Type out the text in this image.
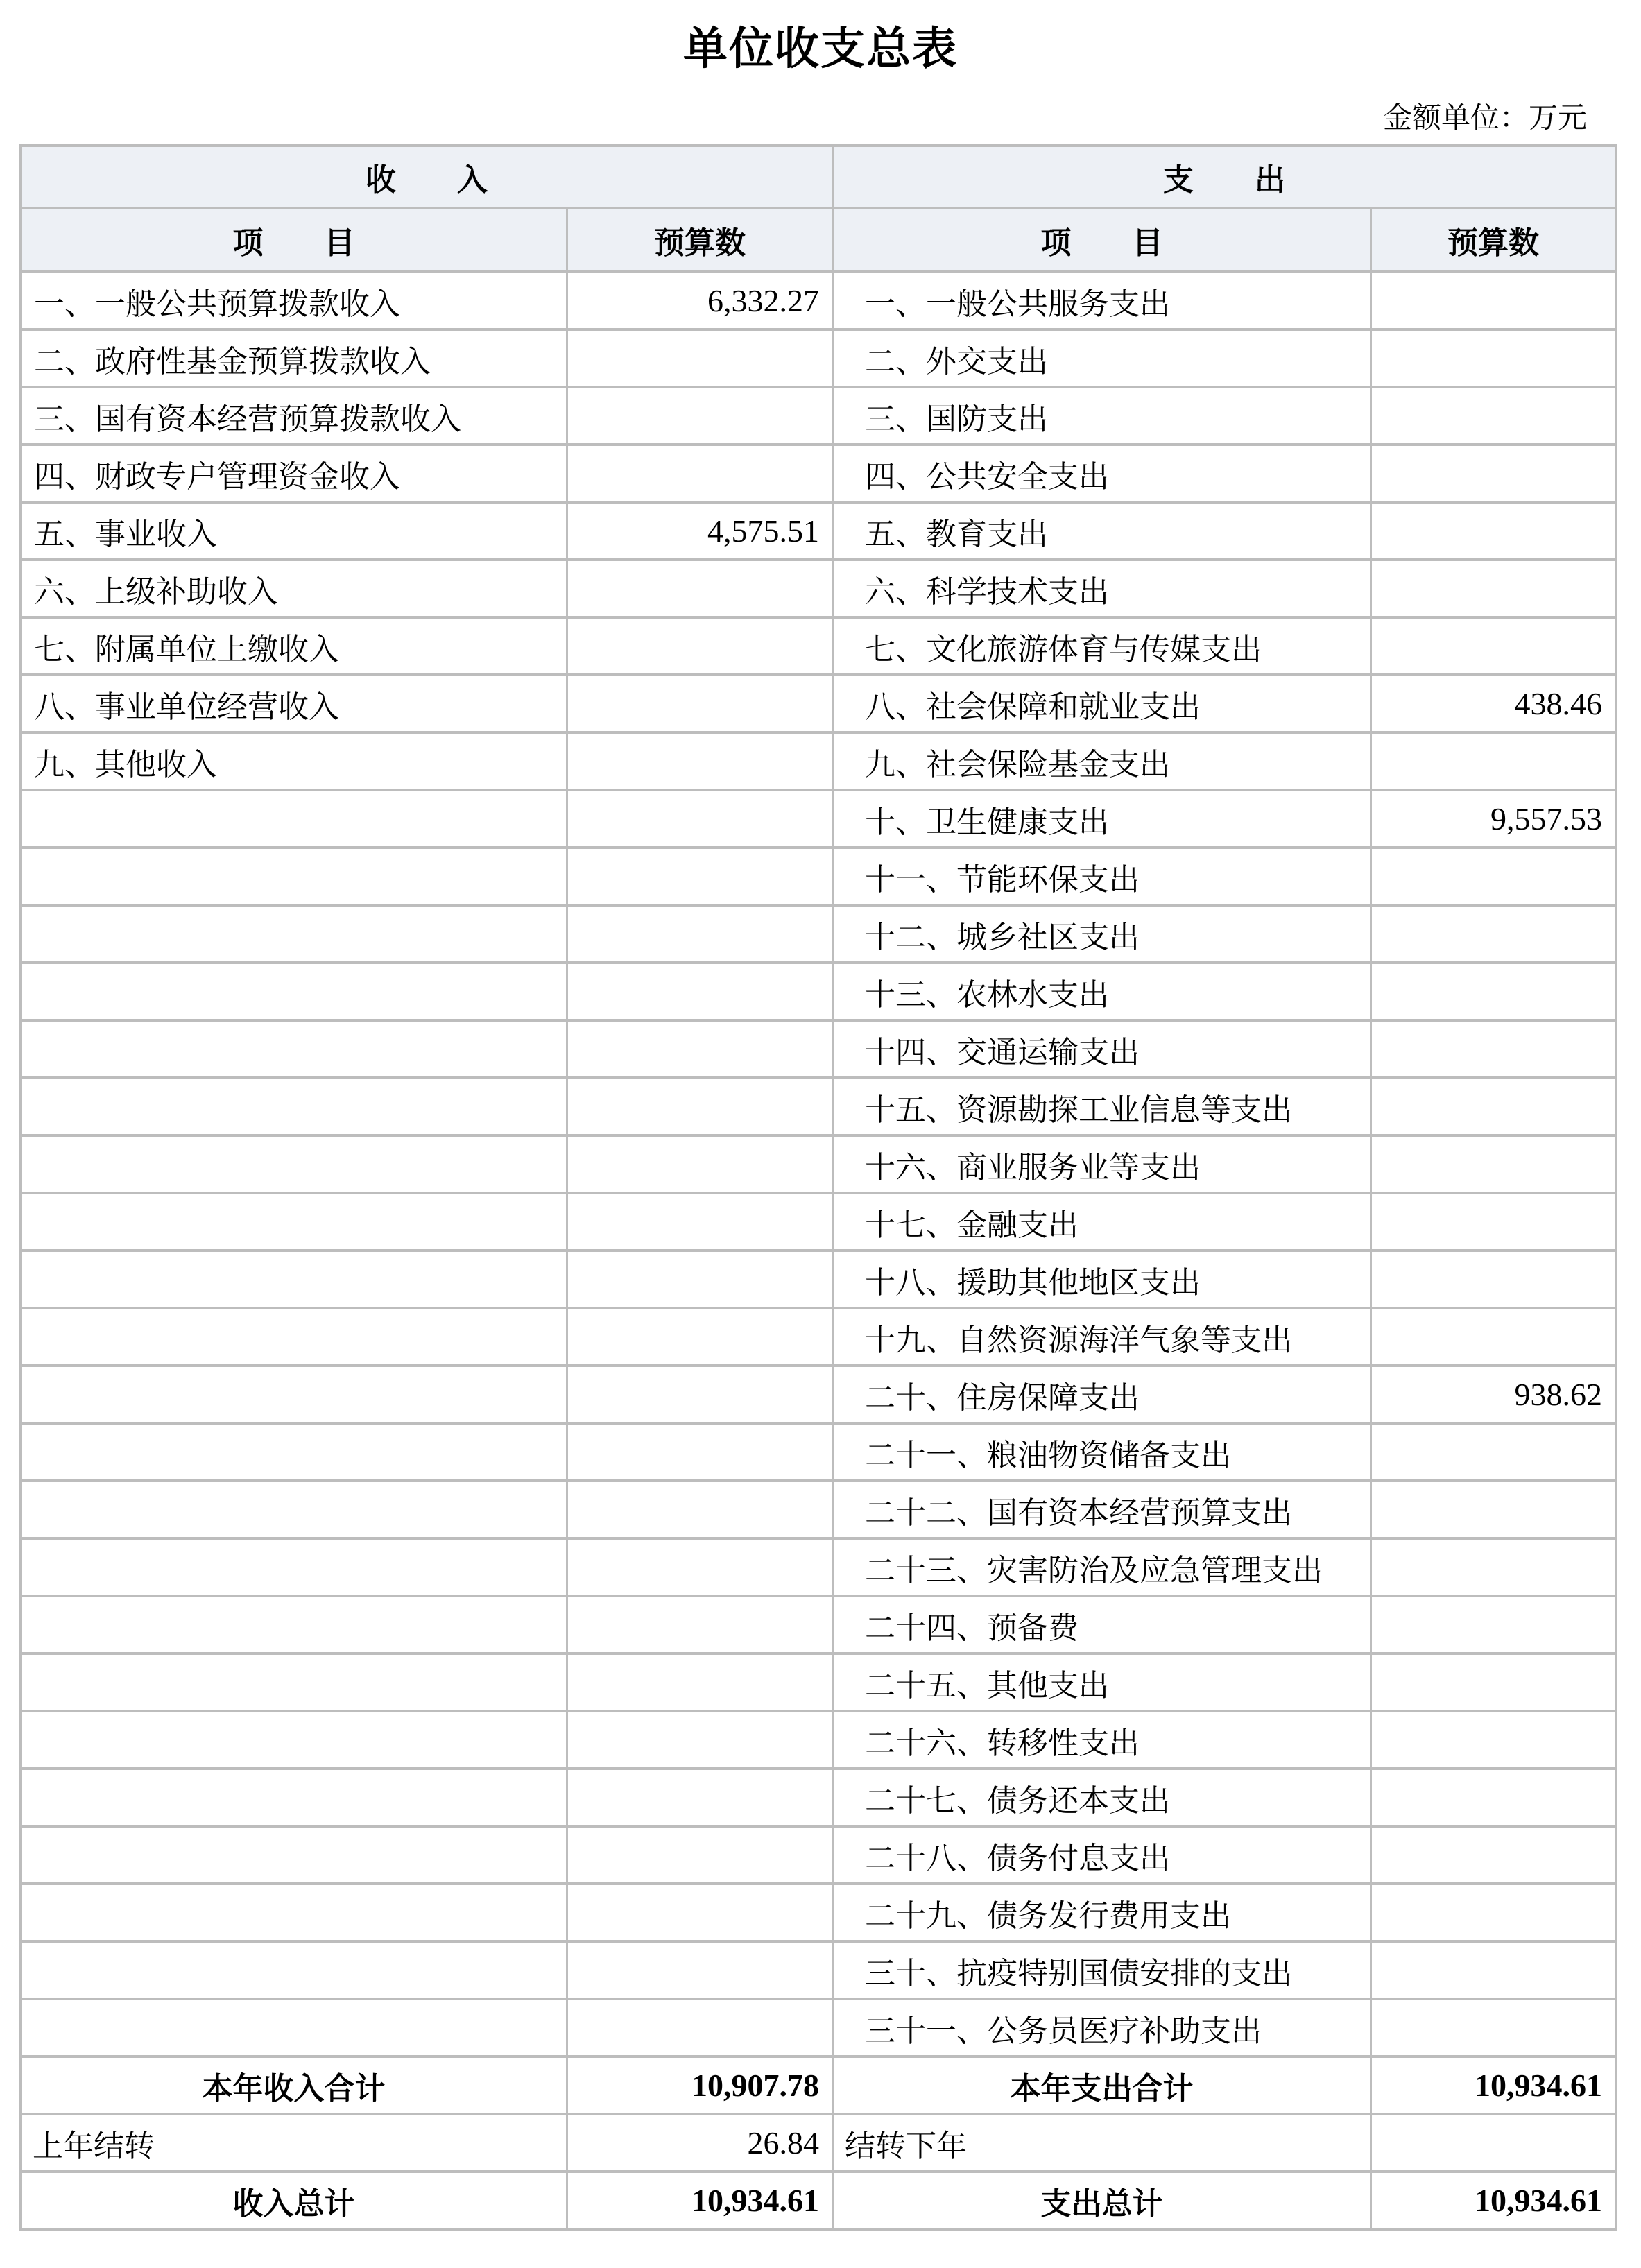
单位收支总表
金额单位：万元
收　　入		支　　出	
项　　目	预算数	项　　目	预算数
一、一般公共预算拨款收入	6,332.27	一、一般公共服务支出	
二、政府性基金预算拨款收入		二、外交支出	
三、国有资本经营预算拨款收入		三、国防支出	
四、财政专户管理资金收入		四、公共安全支出	
五、事业收入	4,575.51	五、教育支出	
六、上级补助收入		六、科学技术支出	
七、附属单位上缴收入		七、文化旅游体育与传媒支出	
八、事业单位经营收入		八、社会保障和就业支出	438.46
九、其他收入		九、社会保险基金支出	
		十、卫生健康支出	9,557.53
		十一、节能环保支出	
		十二、城乡社区支出	
		十三、农林水支出	
		十四、交通运输支出	
		十五、资源勘探工业信息等支出	
		十六、商业服务业等支出	
		十七、金融支出	
		十八、援助其他地区支出	
		十九、自然资源海洋气象等支出	
		二十、住房保障支出	938.62
		二十一、粮油物资储备支出	
		二十二、国有资本经营预算支出	
		二十三、灾害防治及应急管理支出	
		二十四、预备费	
		二十五、其他支出	
		二十六、转移性支出	
		二十七、债务还本支出	
		二十八、债务付息支出	
		二十九、债务发行费用支出	
		三十、抗疫特别国债安排的支出	
		三十一、公务员医疗补助支出	
本年收入合计	10,907.78	本年支出合计	10,934.61
上年结转	26.84	结转下年	
收入总计	10,934.61	支出总计	10,934.61
